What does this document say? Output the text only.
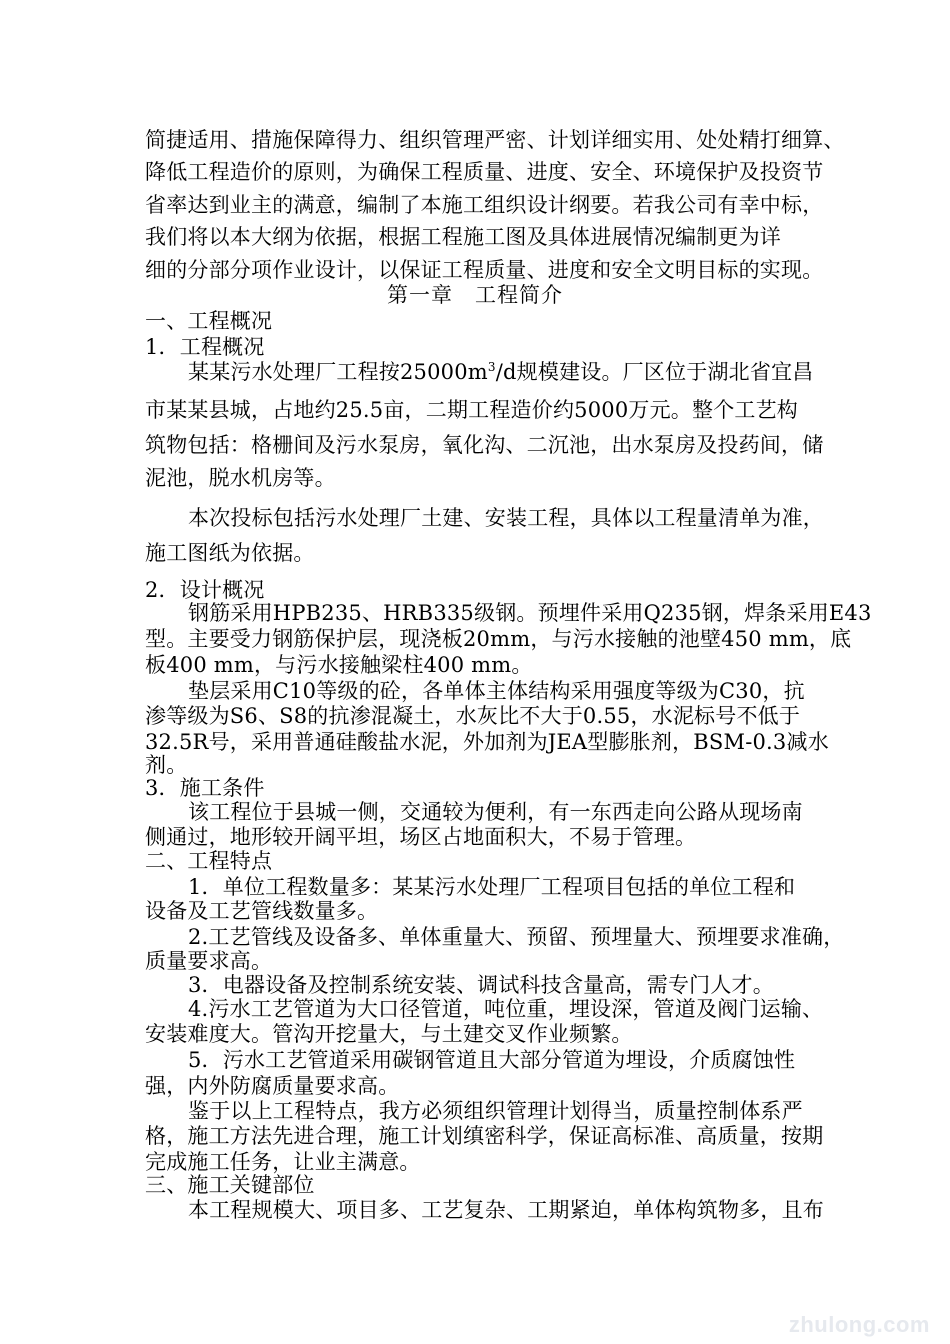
简捷适用、措施保障得力、组织管理严密、计划详细实用、处处精打细算、
降低工程造价的原则，为确保工程质量、进度、安全、环境保护及投资节
省率达到业主的满意，编制了本施工组织设计纲要。若我公司有幸中标，
我们将以本大纲为依据，根据工程施工图及具体进展情况编制更为详
细的分部分项作业设计，以保证工程质量、进度和安全文明目标的实现。
第一章　工程简介
一、工程概况
1．工程概况
某某污水处理厂工程按$25000m^3/d$规模建设。厂区位于湖北省宜昌
市某某县城，占地约25.5亩，二期工程造价约5000万元。整个工艺构
筑物包括：格栅间及污水泵房，氧化沟、二沉池，出水泵房及投药间，储
泥池，脱水机房等。
本次投标包括污水处理厂土建、安装工程，具体以工程量清单为准，
施工图纸为依据。
2．设计概况
钢筋采用HPB235、HRB335级钢。预埋件采用Q235钢，焊条采用E43
型。主要受力钢筋保护层，现浇板20mm，与污水接触的池壁450 mm，底
板400 mm，与污水接触梁柱400 mm。
垫层采用C10等级的砼，各单体主体结构采用强度等级为C30，抗
渗等级为S6、S8的抗渗混凝土，水灰比不大于0.55，水泥标号不低于
32.5R号，采用普通硅酸盐水泥，外加剂为JEA型膨胀剂，BSM-0.3减水
剂。
3．施工条件
该工程位于县城一侧，交通较为便利，有一东西走向公路从现场南
侧通过，地形较开阔平坦，场区占地面积大，不易于管理。
二、工程特点
1．单位工程数量多：某某污水处理厂工程项目包括的单位工程和
设备及工艺管线数量多。
2.工艺管线及设备多、单体重量大、预留、预埋量大、预埋要求准确，
质量要求高。
3．电器设备及控制系统安装、调试科技含量高，需专门人才。
4.污水工艺管道为大口径管道，吨位重，埋设深，管道及阀门运输、
安装难度大。管沟开挖量大，与土建交叉作业频繁。
5．污水工艺管道采用碳钢管道且大部分管道为埋设，介质腐蚀性
强，内外防腐质量要求高。
鉴于以上工程特点，我方必须组织管理计划得当，质量控制体系严
格，施工方法先进合理，施工计划缜密科学，保证高标准、高质量，按期
完成施工任务，让业主满意。
三、施工关键部位
本工程规模大、项目多、工艺复杂、工期紧迫，单体构筑物多，且布
zhulong.com
